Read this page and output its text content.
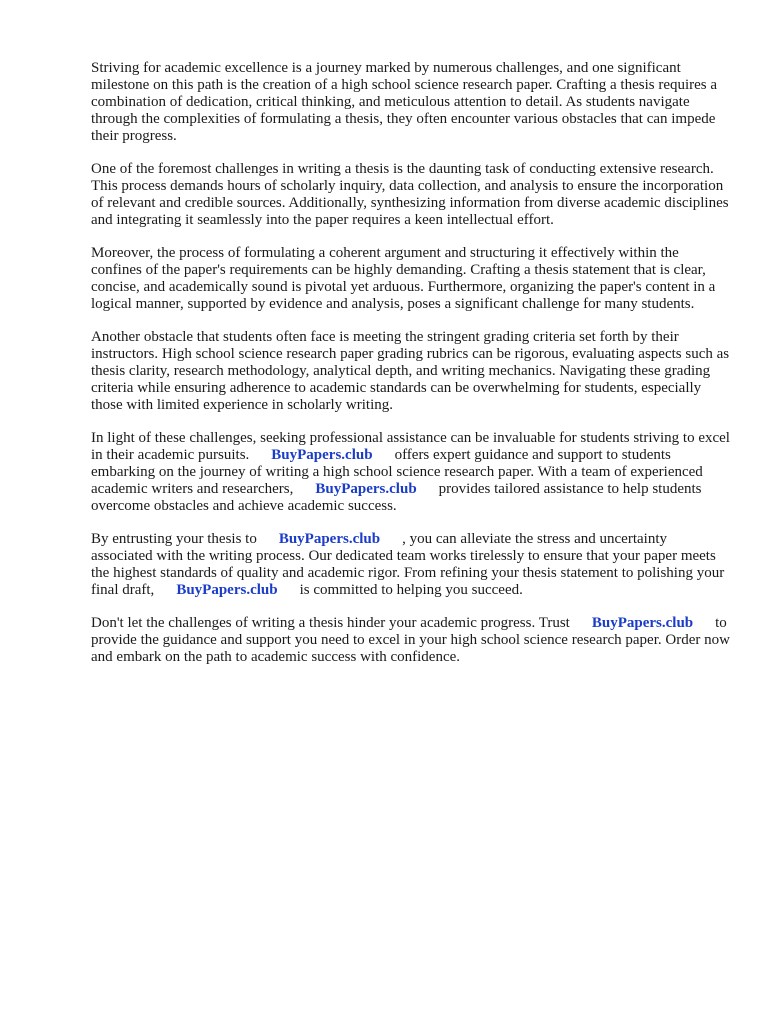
Striving for academic excellence is a journey marked by numerous challenges, and one significant milestone on this path is the creation of a high school science research paper. Crafting a thesis requires a combination of dedication, critical thinking, and meticulous attention to detail. As students navigate through the complexities of formulating a thesis, they often encounter various obstacles that can impede their progress.

One of the foremost challenges in writing a thesis is the daunting task of conducting extensive research. This process demands hours of scholarly inquiry, data collection, and analysis to ensure the incorporation of relevant and credible sources. Additionally, synthesizing information from diverse academic disciplines and integrating it seamlessly into the paper requires a keen intellectual effort.

Moreover, the process of formulating a coherent argument and structuring it effectively within the confines of the paper's requirements can be highly demanding. Crafting a thesis statement that is clear, concise, and academically sound is pivotal yet arduous. Furthermore, organizing the paper's content in a logical manner, supported by evidence and analysis, poses a significant challenge for many students.

Another obstacle that students often face is meeting the stringent grading criteria set forth by their instructors. High school science research paper grading rubrics can be rigorous, evaluating aspects such as thesis clarity, research methodology, analytical depth, and writing mechanics. Navigating these grading criteria while ensuring adherence to academic standards can be overwhelming for students, especially those with limited experience in scholarly writing.

In light of these challenges, seeking professional assistance can be invaluable for students striving to excel in their academic pursuits. BuyPapers.club offers expert guidance and support to students embarking on the journey of writing a high school science research paper. With a team of experienced academic writers and researchers, BuyPapers.club provides tailored assistance to help students overcome obstacles and achieve academic success.

By entrusting your thesis to BuyPapers.club , you can alleviate the stress and uncertainty associated with the writing process. Our dedicated team works tirelessly to ensure that your paper meets the highest standards of quality and academic rigor. From refining your thesis statement to polishing your final draft, BuyPapers.club is committed to helping you succeed.

Don't let the challenges of writing a thesis hinder your academic progress. Trust BuyPapers.club to provide the guidance and support you need to excel in your high school science research paper. Order now and embark on the path to academic success with confidence.
